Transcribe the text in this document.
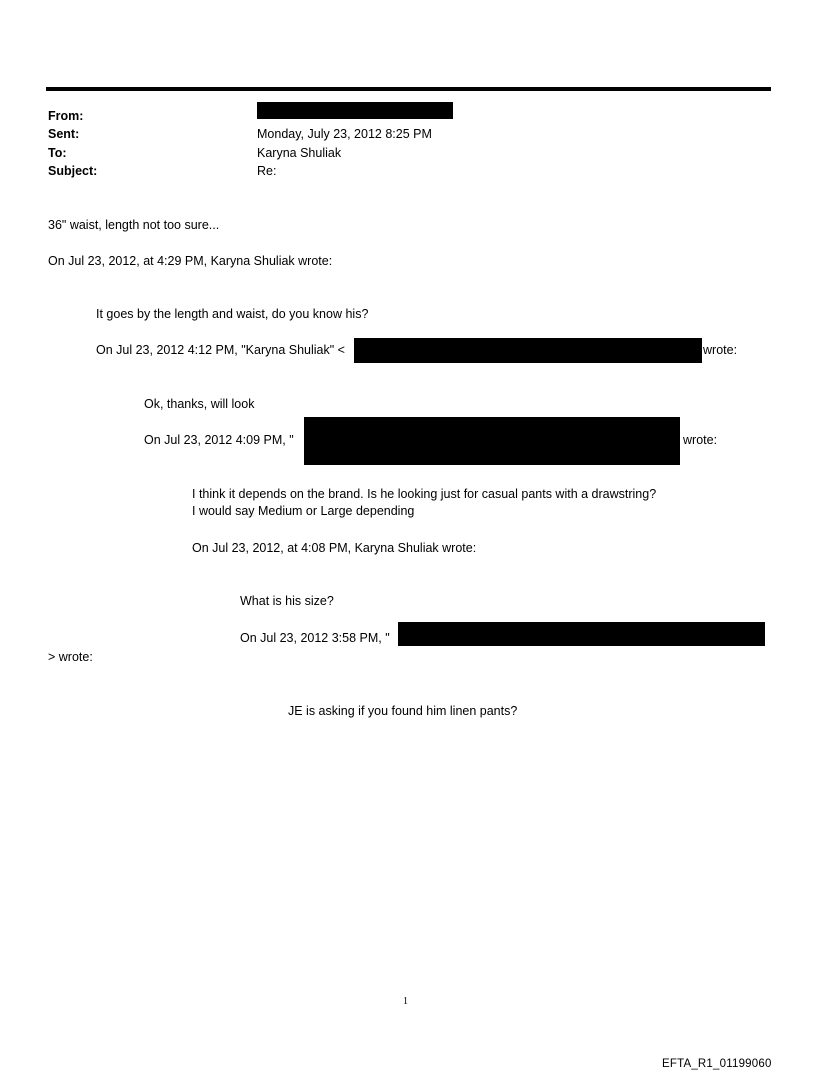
From:
Sent:	Monday, July 23, 2012 8:25 PM
To:	Karyna Shuliak
Subject:	Re:
36" waist, length not too sure...
On Jul 23, 2012, at 4:29 PM, Karyna Shuliak wrote:
It goes by the length and waist, do you know his?
On Jul 23, 2012 4:12 PM, "Karyna Shuliak" <	wrote:
Ok, thanks, will look
On Jul 23, 2012 4:09 PM, "	wrote:
I think it depends on the brand. Is he looking just for casual pants with a drawstring?
I would say Medium or Large depending
On Jul 23, 2012, at 4:08 PM, Karyna Shuliak wrote:
What is his size?
On Jul 23, 2012 3:58 PM, "
> wrote:
JE is asking if you found him linen pants?
1
EFTA_R1_01199060
